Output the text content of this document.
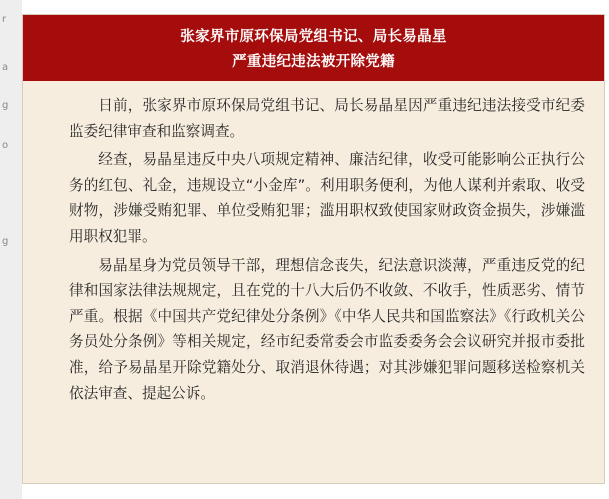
r
a
g
o
g
张家界市原环保局党组书记、局长易晶星
严重违纪违法被开除党籍

日前，张家界市原环保局党组书记、局长易晶星因严重违纪违法接受市纪委监委纪律审查和监察调查。

经查，易晶星违反中央八项规定精神、廉洁纪律，收受可能影响公正执行公务的红包、礼金，违规设立“小金库”。利用职务便利，为他人谋利并索取、收受财物，涉嫌受贿犯罪、单位受贿犯罪；滥用职权致使国家财政资金损失，涉嫌滥用职权犯罪。

易晶星身为党员领导干部，理想信念丧失，纪法意识淡薄，严重违反党的纪律和国家法律法规规定，且在党的十八大后仍不收敛、不收手，性质恶劣、情节严重。根据《中国共产党纪律处分条例》《中华人民共和国监察法》《行政机关公务员处分条例》等相关规定，经市纪委常委会市监委委务会会议研究并报市委批准，给予易晶星开除党籍处分、取消退休待遇；对其涉嫌犯罪问题移送检察机关依法审查、提起公诉。
